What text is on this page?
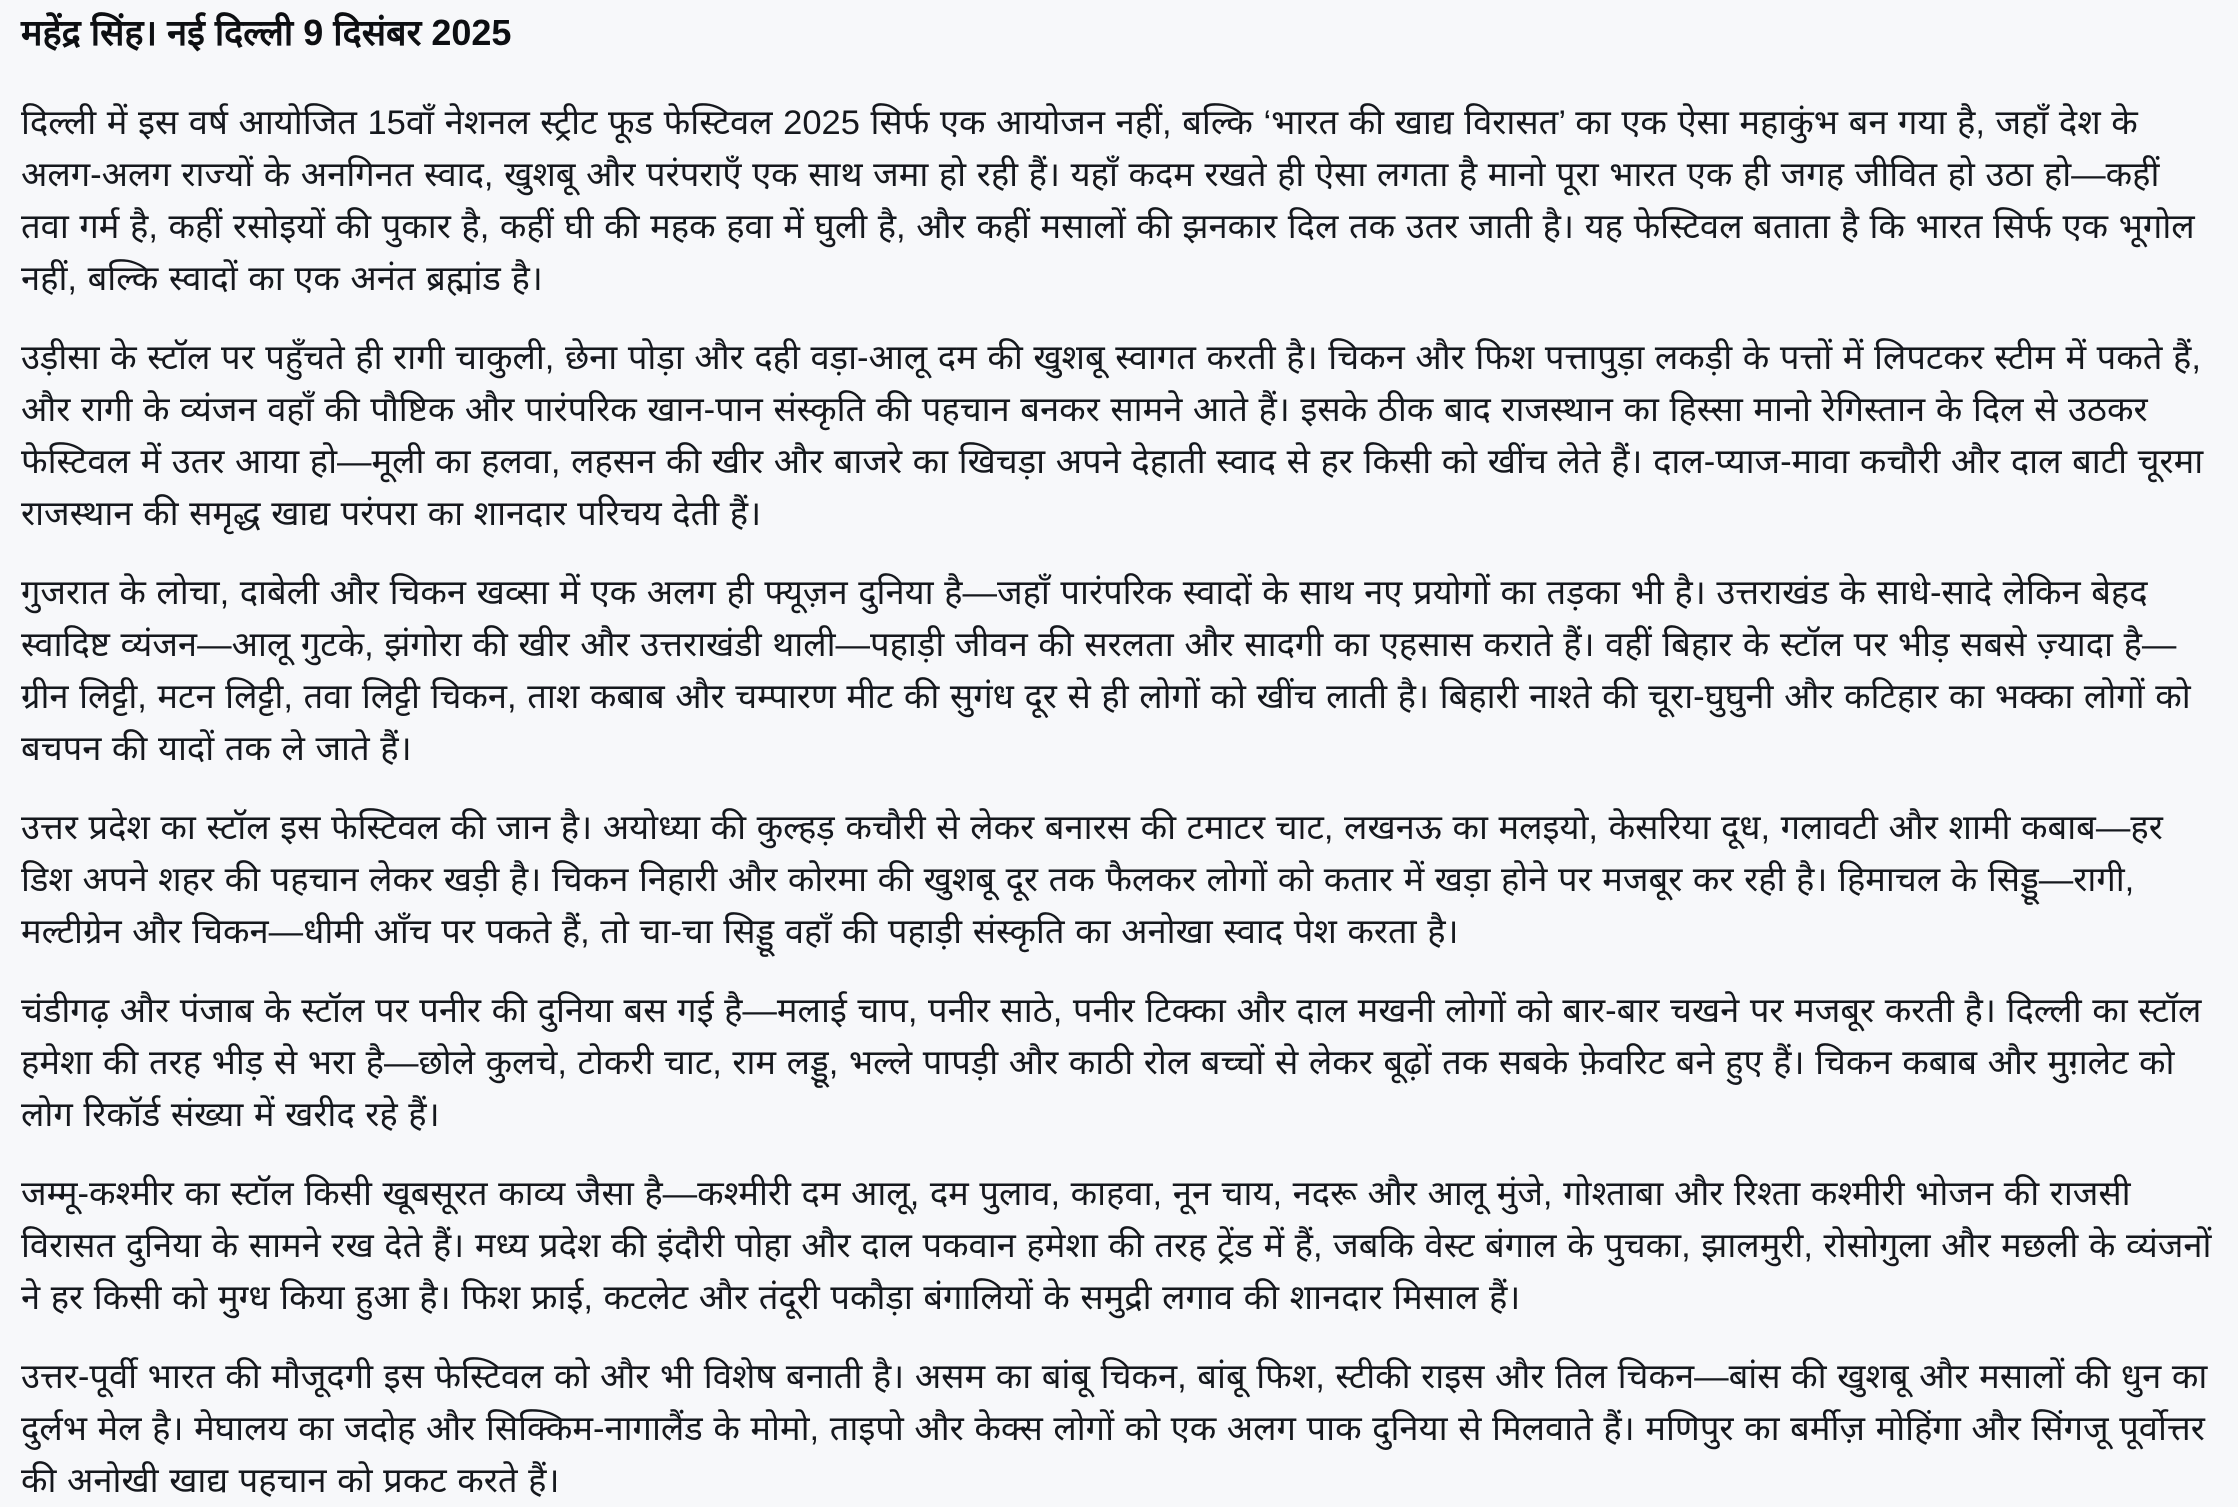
महेंद्र सिंह। नई दिल्ली 9 दिसंबर 2025

दिल्ली में इस वर्ष आयोजित 15वाँ नेशनल स्ट्रीट फूड फेस्टिवल 2025 सिर्फ एक आयोजन नहीं, बल्कि ‘भारत की खाद्य विरासत’ का एक ऐसा महाकुंभ बन गया है, जहाँ देश के अलग-अलग राज्यों के अनगिनत स्वाद, खुशबू और परंपराएँ एक साथ जमा हो रही हैं। यहाँ कदम रखते ही ऐसा लगता है मानो पूरा भारत एक ही जगह जीवित हो उठा हो—कहीं तवा गर्म है, कहीं रसोइयों की पुकार है, कहीं घी की महक हवा में घुली है, और कहीं मसालों की झनकार दिल तक उतर जाती है। यह फेस्टिवल बताता है कि भारत सिर्फ एक भूगोल नहीं, बल्कि स्वादों का एक अनंत ब्रह्मांड है।

उड़ीसा के स्टॉल पर पहुँचते ही रागी चाकुली, छेना पोड़ा और दही वड़ा-आलू दम की खुशबू स्वागत करती है। चिकन और फिश पत्तापुड़ा लकड़ी के पत्तों में लिपटकर स्टीम में पकते हैं, और रागी के व्यंजन वहाँ की पौष्टिक और पारंपरिक खान-पान संस्कृति की पहचान बनकर सामने आते हैं। इसके ठीक बाद राजस्थान का हिस्सा मानो रेगिस्तान के दिल से उठकर फेस्टिवल में उतर आया हो—मूली का हलवा, लहसन की खीर और बाजरे का खिचड़ा अपने देहाती स्वाद से हर किसी को खींच लेते हैं। दाल-प्याज-मावा कचौरी और दाल बाटी चूरमा राजस्थान की समृद्ध खाद्य परंपरा का शानदार परिचय देती हैं।

गुजरात के लोचा, दाबेली और चिकन खव्सा में एक अलग ही फ्यूज़न दुनिया है—जहाँ पारंपरिक स्वादों के साथ नए प्रयोगों का तड़का भी है। उत्तराखंड के साधे-सादे लेकिन बेहद स्वादिष्ट व्यंजन—आलू गुटके, झंगोरा की खीर और उत्तराखंडी थाली—पहाड़ी जीवन की सरलता और सादगी का एहसास कराते हैं। वहीं बिहार के स्टॉल पर भीड़ सबसे ज़्यादा है—ग्रीन लिट्टी, मटन लिट्टी, तवा लिट्टी चिकन, ताश कबाब और चम्पारण मीट की सुगंध दूर से ही लोगों को खींच लाती है। बिहारी नाश्ते की चूरा-घुघुनी और कटिहार का भक्का लोगों को बचपन की यादों तक ले जाते हैं।

उत्तर प्रदेश का स्टॉल इस फेस्टिवल की जान है। अयोध्या की कुल्हड़ कचौरी से लेकर बनारस की टमाटर चाट, लखनऊ का मलइयो, केसरिया दूध, गलावटी और शामी कबाब—हर डिश अपने शहर की पहचान लेकर खड़ी है। चिकन निहारी और कोरमा की खुशबू दूर तक फैलकर लोगों को कतार में खड़ा होने पर मजबूर कर रही है। हिमाचल के सिड्डू—रागी, मल्टीग्रेन और चिकन—धीमी आँच पर पकते हैं, तो चा-चा सिड्डू वहाँ की पहाड़ी संस्कृति का अनोखा स्वाद पेश करता है।

चंडीगढ़ और पंजाब के स्टॉल पर पनीर की दुनिया बस गई है—मलाई चाप, पनीर साठे, पनीर टिक्का और दाल मखनी लोगों को बार-बार चखने पर मजबूर करती है। दिल्ली का स्टॉल हमेशा की तरह भीड़ से भरा है—छोले कुलचे, टोकरी चाट, राम लड्डू, भल्ले पापड़ी और काठी रोल बच्चों से लेकर बूढ़ों तक सबके फ़ेवरिट बने हुए हैं। चिकन कबाब और मुग़लेट को लोग रिकॉर्ड संख्या में खरीद रहे हैं।

जम्मू-कश्मीर का स्टॉल किसी खूबसूरत काव्य जैसा है—कश्मीरी दम आलू, दम पुलाव, काहवा, नून चाय, नदरू और आलू मुंजे, गोश्ताबा और रिश्ता कश्मीरी भोजन की राजसी विरासत दुनिया के सामने रख देते हैं। मध्य प्रदेश की इंदौरी पोहा और दाल पकवान हमेशा की तरह ट्रेंड में हैं, जबकि वेस्ट बंगाल के पुचका, झालमुरी, रोसोगुला और मछली के व्यंजनों ने हर किसी को मुग्ध किया हुआ है। फिश फ्राई, कटलेट और तंदूरी पकौड़ा बंगालियों के समुद्री लगाव की शानदार मिसाल हैं।

उत्तर-पूर्वी भारत की मौजूदगी इस फेस्टिवल को और भी विशेष बनाती है। असम का बांबू चिकन, बांबू फिश, स्टीकी राइस और तिल चिकन—बांस की खुशबू और मसालों की धुन का दुर्लभ मेल है। मेघालय का जदोह और सिक्किम-नागालैंड के मोमो, ताइपो और केक्स लोगों को एक अलग पाक दुनिया से मिलवाते हैं। मणिपुर का बर्मीज़ मोहिंगा और सिंगजू पूर्वोत्तर की अनोखी खाद्य पहचान को प्रकट करते हैं।
